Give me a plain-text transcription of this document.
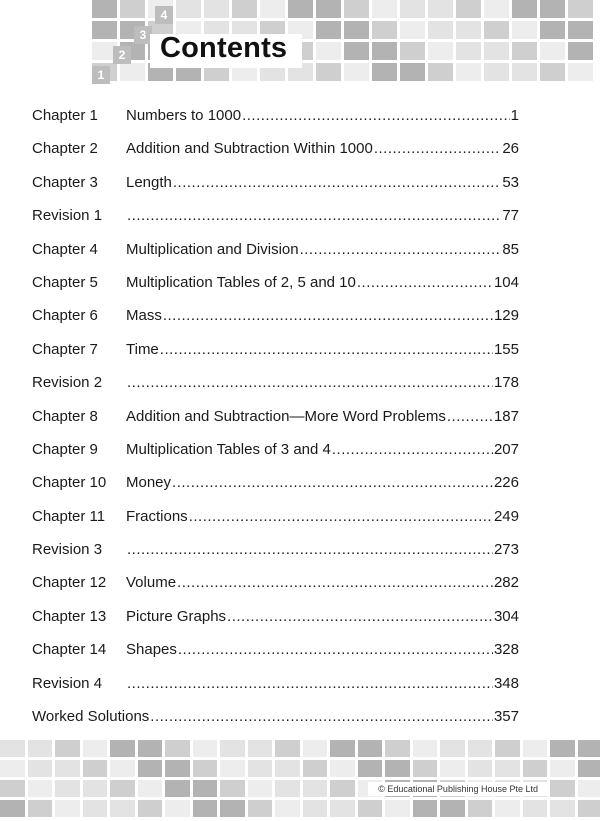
1
2
3
4
Contents
Chapter 1	Numbers to 1000 .....	1
Chapter 2	Addition and Subtraction Within 1000 .....	26
Chapter 3	Length .....	53
Revision 1 .....	77
Chapter 4	Multiplication and Division .....	85
Chapter 5	Multiplication Tables of 2, 5 and 10 .....	104
Chapter 6	Mass .....	129
Chapter 7	Time .....	155
Revision 2 .....	178
Chapter 8	Addition and Subtraction—More Word Problems .....	187
Chapter 9	Multiplication Tables of 3 and 4 .....	207
Chapter 10	Money .....	226
Chapter 11	Fractions .....	249
Revision 3 .....	273
Chapter 12	Volume .....	282
Chapter 13	Picture Graphs .....	304
Chapter 14	Shapes .....	328
Revision 4 .....	348
Worked Solutions .....	357
© Educational Publishing House Pte Ltd
